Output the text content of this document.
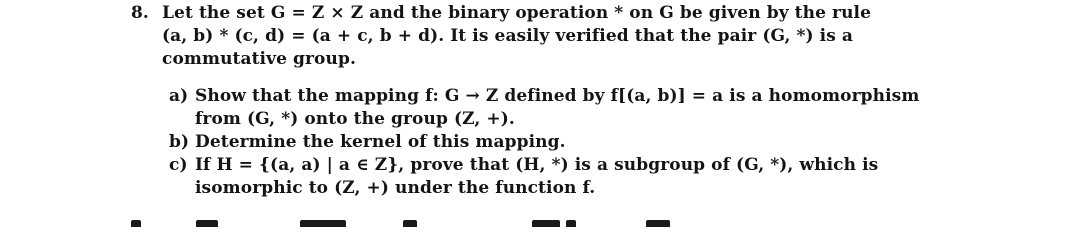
8. Let the set G = Z × Z and the binary operation * on G be given by the rule
(a, b) * (c, d) = (a + c, b + d). It is easily verified that the pair (G, *) is a
commutative group.
a) Show that the mapping f: G → Z defined by f[(a, b)] = a is a homomorphism
from (G, *) onto the group (Z, +).
b) Determine the kernel of this mapping.
c) If H = {(a, a) | a ∈ Z}, prove that (H, *) is a subgroup of (G, *), which is
isomorphic to (Z, +) under the function f.
